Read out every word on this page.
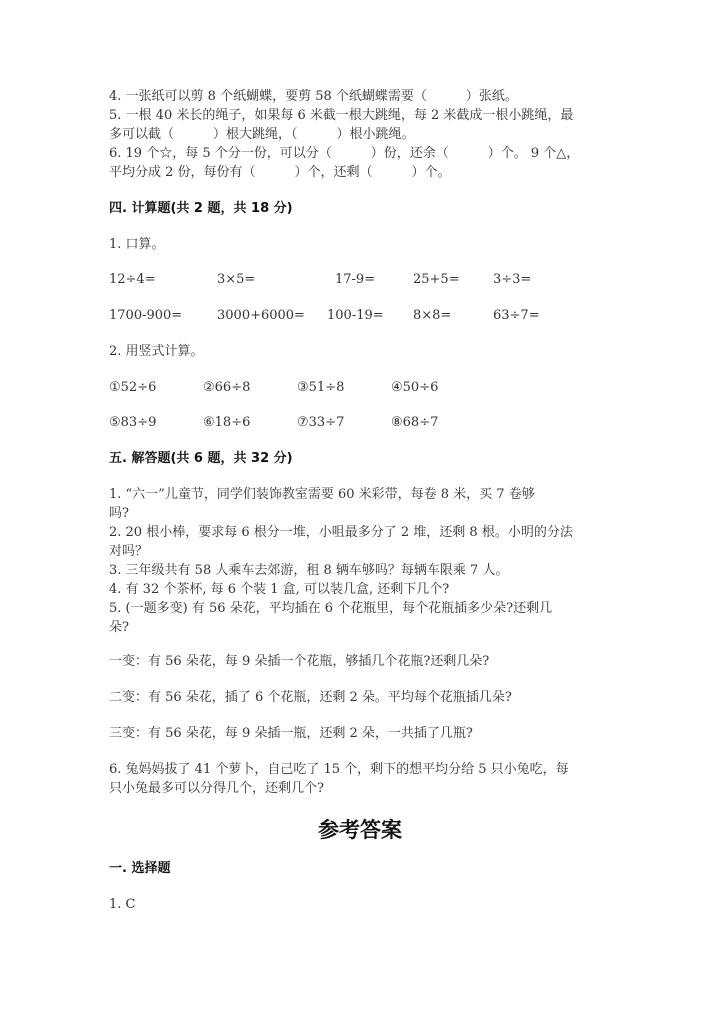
4. 一张纸可以剪 8 个纸蝴蝶，要剪 58 个纸蝴蝶需要（　　　）张纸。
5. 一根 40 米长的绳子，如果每 6 米截一根大跳绳，每 2 米截成一根小跳绳，最
多可以截（　　　）根大跳绳，（　　　）根小跳绳。
6. 19 个☆，每 5 个分一份，可以分（　　　）份，还余（　　　）个。 9 个△，
平均分成 2 份，每份有（　　　）个，还剩（　　　）个。
四. 计算题(共 2 题，共 18 分)
1. 口算。
12÷4=	3×5=	17-9=	25+5=	3÷3=
1700-900=	3000+6000= 100-19= 8×8=	63÷7=
2. 用竖式计算。
①52÷6	②66÷8	③51÷8	④50÷6
⑤83÷9	⑥18÷6	⑦33÷7	⑧68÷7
五. 解答题(共 6 题，共 32 分)
1. “六一”儿童节，同学们装饰教室需要 60 米彩带，每卷 8 米，买 7 卷够
吗?
2. 20 根小棒，要求每 6 根分一堆，小咀最多分了 2 堆，还剩 8 根。小明的分法
对吗？
3. 三年级共有 58 人乘车去郊游，租 8 辆车够吗？每辆车限乘 7 人。
4. 有 32 个茶杯, 每 6 个装 1 盒, 可以装几盒, 还剩下几个?
5. (一题多变) 有 56 朵花，平均插在 6 个花瓶里，每个花瓶插多少朵?还剩几
朵?
一变：有 56 朵花，每 9 朵插一个花瓶，够插几个花瓶?还剩几朵?
二变：有 56 朵花，插了 6 个花瓶，还剩 2 朵。平均每个花瓶插几朵?
三变：有 56 朵花，每 9 朵插一瓶，还剩 2 朵，一共插了几瓶?
6. 兔妈妈拔了 41 个萝卜，自己吃了 15 个，剩下的想平均分给 5 只小兔吃，每
只小兔最多可以分得几个，还剩几个?
参考答案
一. 选择题
1. C
